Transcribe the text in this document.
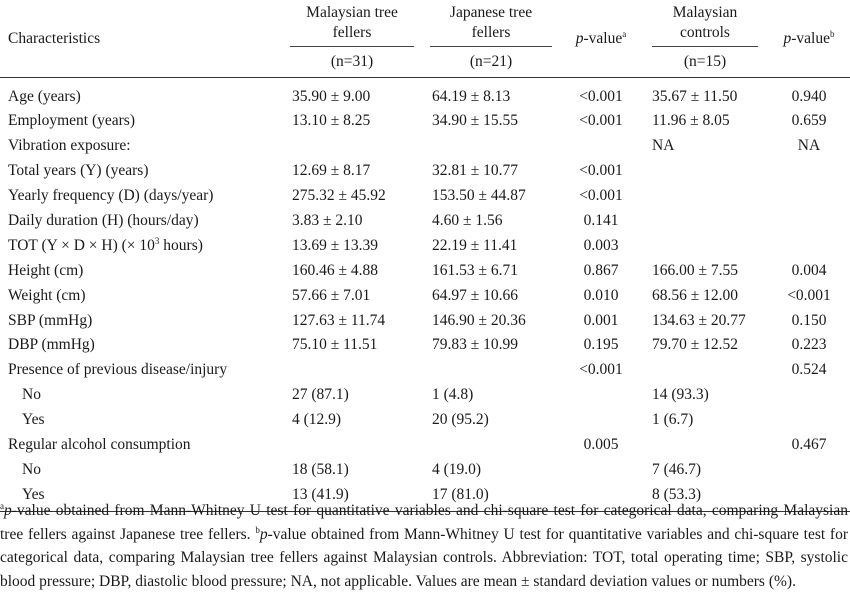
Characteristics	Malaysian tree fellers	Japanese tree fellers	p-value$^a$	Malaysian controls	p-value$^b$
	(n=31)	(n=21)		(n=15)	
Age (years)	35.90 ± 9.00	64.19 ± 8.13	<0.001	35.67 ± 11.50	0.940
Employment (years)	13.10 ± 8.25	34.90 ± 15.55	<0.001	11.96 ± 8.05	0.659
Vibration exposure:				NA	NA
Total years (Y) (years)	12.69 ± 8.17	32.81 ± 10.77	<0.001		
Yearly frequency (D) (days/year)	275.32 ± 45.92	153.50 ± 44.87	<0.001		
Daily duration (H) (hours/day)	3.83 ± 2.10	4.60 ± 1.56	0.141		
TOT (Y × D × H) (× $10^3$ hours)	13.69 ± 13.39	22.19 ± 11.41	0.003		
Height (cm)	160.46 ± 4.88	161.53 ± 6.71	0.867	166.00 ± 7.55	0.004
Weight (cm)	57.66 ± 7.01	64.97 ± 10.66	0.010	68.56 ± 12.00	<0.001
SBP (mmHg)	127.63 ± 11.74	146.90 ± 20.36	0.001	134.63 ± 20.77	0.150
DBP (mmHg)	75.10 ± 11.51	79.83 ± 10.99	0.195	79.70 ± 12.52	0.223
Presence of previous disease/injury			<0.001		0.524
No	27 (87.1)	1 (4.8)		14 (93.3)	
Yes	4 (12.9)	20 (95.2)		1 (6.7)	
Regular alcohol consumption			0.005		0.467
No	18 (58.1)	4 (19.0)		7 (46.7)	
Yes	13 (41.9)	17 (81.0)		8 (53.3)	

$^a$p-value obtained from Mann-Whitney U test for quantitative variables and chi-square test for categorical data, comparing Malaysian tree fellers against Japanese tree fellers. $^b$p-value obtained from Mann-Whitney U test for quantitative variables and chi-square test for categorical data, comparing Malaysian tree fellers against Malaysian controls. Abbreviation: TOT, total operating time; SBP, systolic blood pressure; DBP, diastolic blood pressure; NA, not applicable. Values are mean ± standard deviation values or numbers (%).
